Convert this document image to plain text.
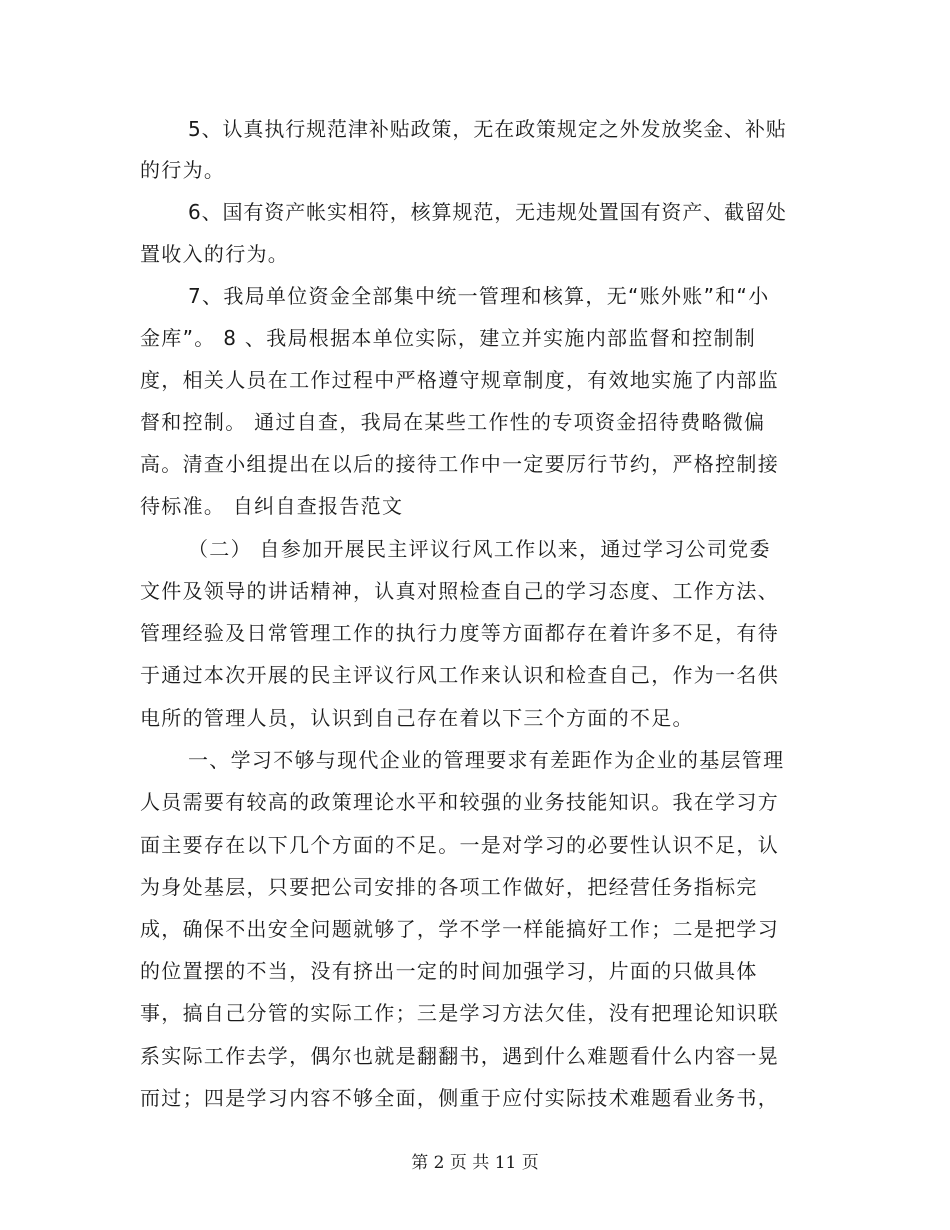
5、认真执行规范津补贴政策，无在政策规定之外发放奖金、补贴
的行为。
6、国有资产帐实相符，核算规范，无违规处置国有资产、截留处
置收入的行为。
7、我局单位资金全部集中统一管理和核算，无“账外账”和“小
金库”。 8 、我局根据本单位实际，建立并实施内部监督和控制制
度，相关人员在工作过程中严格遵守规章制度，有效地实施了内部监
督和控制。 通过自查，我局在某些工作性的专项资金招待费略微偏
高。清查小组提出在以后的接待工作中一定要厉行节约，严格控制接
待标准。 自纠自查报告范文
（二） 自参加开展民主评议行风工作以来，通过学习公司党委
文件及领导的讲话精神，认真对照检查自己的学习态度、工作方法、
管理经验及日常管理工作的执行力度等方面都存在着许多不足，有待
于通过本次开展的民主评议行风工作来认识和检查自己，作为一名供
电所的管理人员，认识到自己存在着以下三个方面的不足。
一、学习不够与现代企业的管理要求有差距作为企业的基层管理
人员需要有较高的政策理论水平和较强的业务技能知识。我在学习方
面主要存在以下几个方面的不足。一是对学习的必要性认识不足，认
为身处基层，只要把公司安排的各项工作做好，把经营任务指标完
成，确保不出安全问题就够了，学不学一样能搞好工作；二是把学习
的位置摆的不当，没有挤出一定的时间加强学习，片面的只做具体
事，搞自己分管的实际工作；三是学习方法欠佳，没有把理论知识联
系实际工作去学，偶尔也就是翻翻书，遇到什么难题看什么内容一晃
而过；四是学习内容不够全面，侧重于应付实际技术难题看业务书，
第 2 页 共 11 页
